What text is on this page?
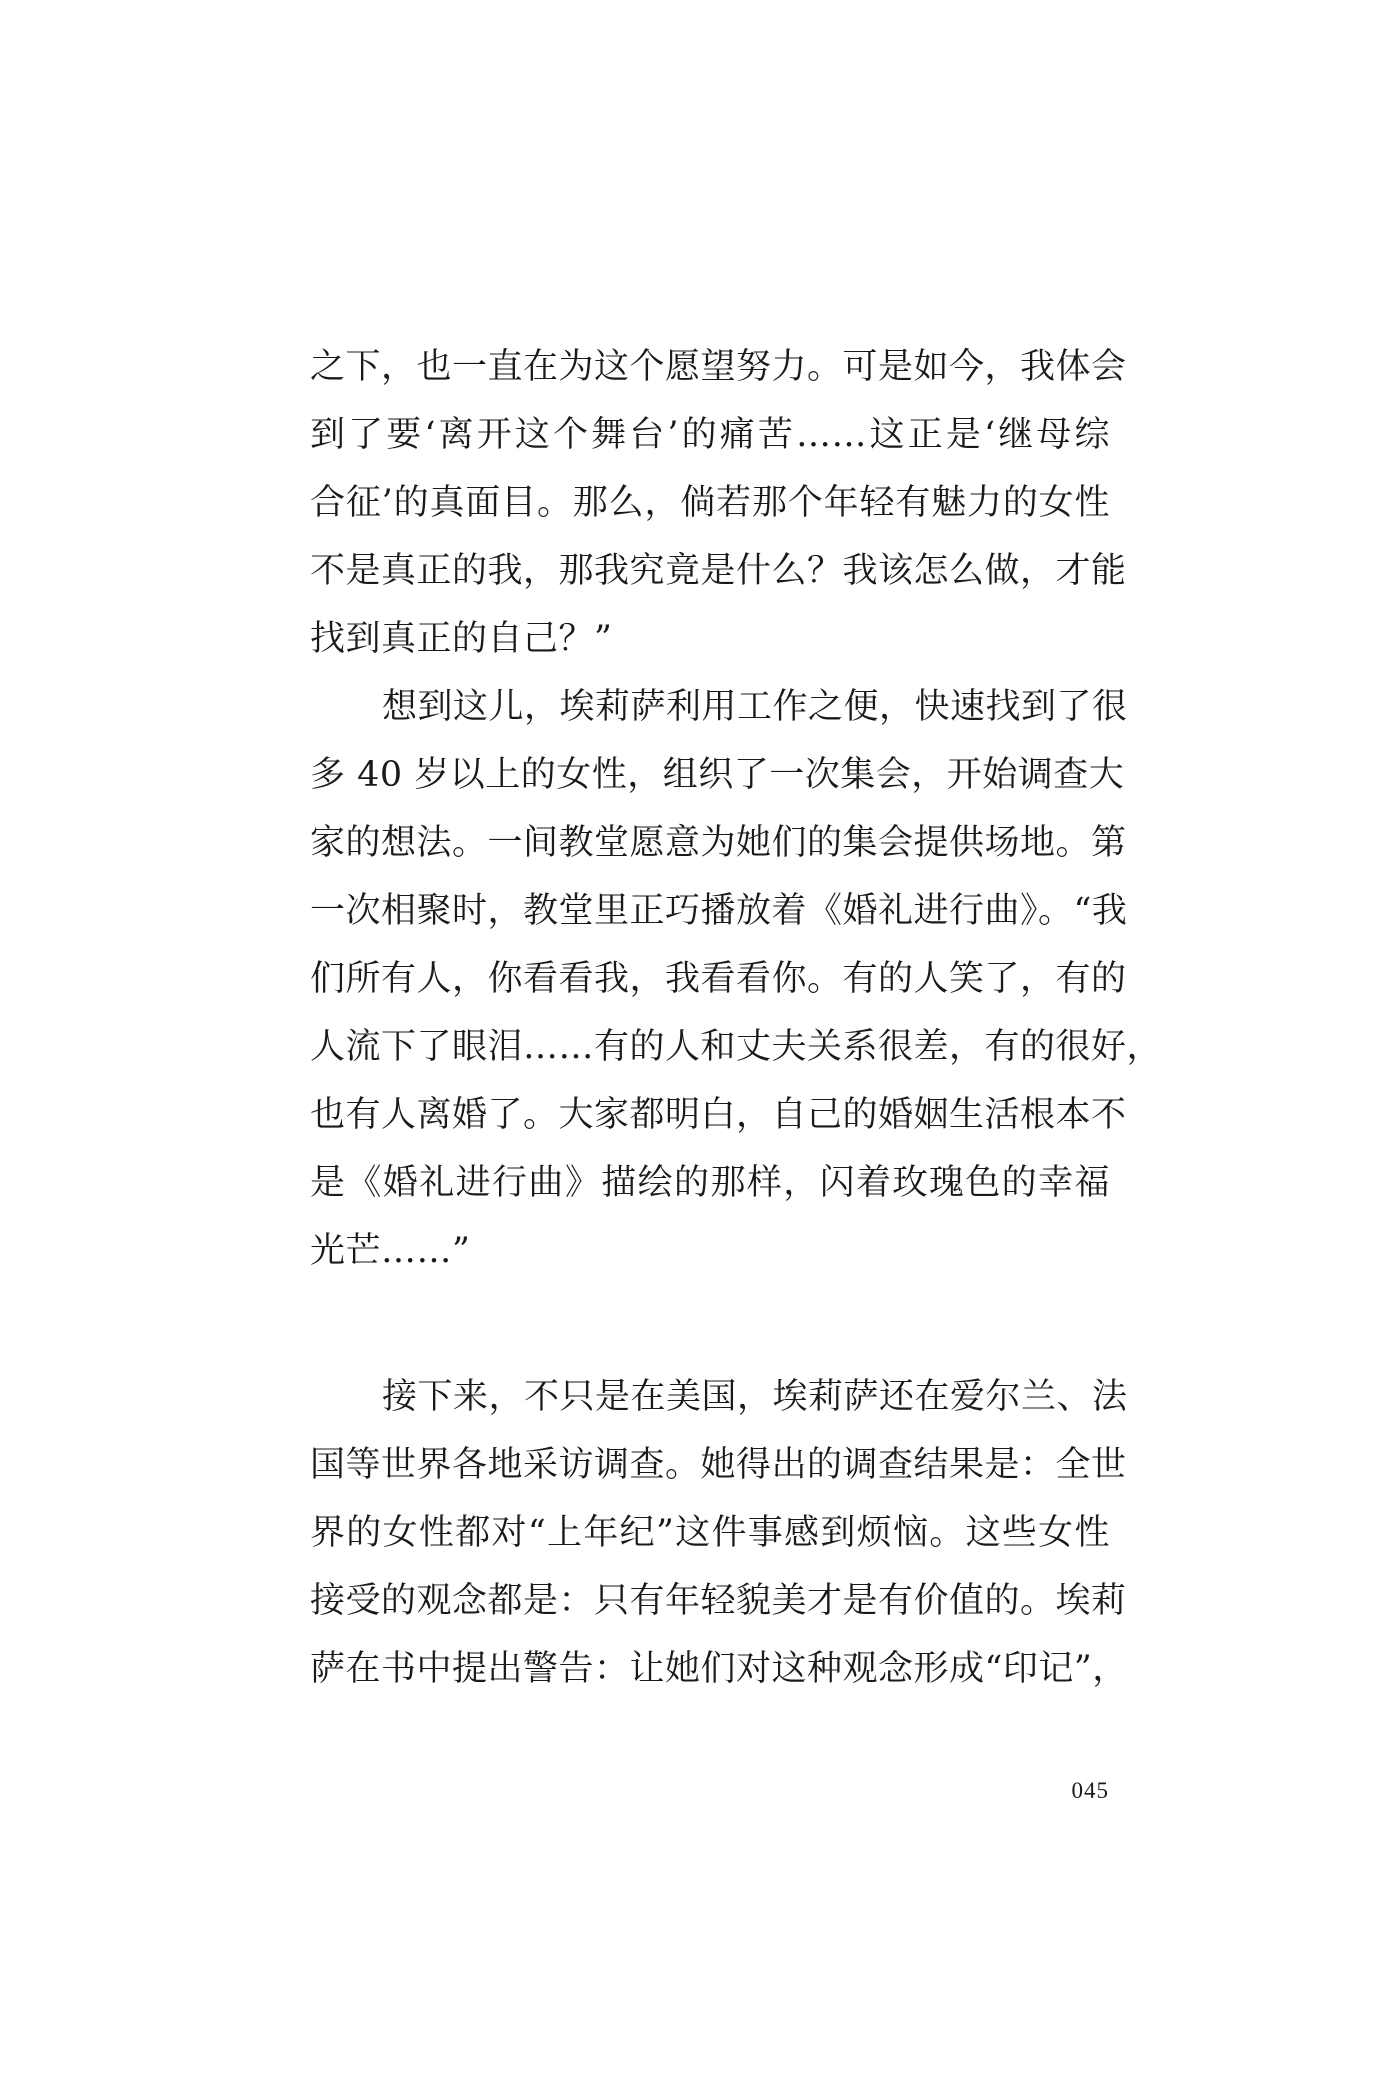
之下，也一直在为这个愿望努力。可是如今，我体会
到了要‘离开这个舞台’的痛苦……这正是‘继母综
合征’的真面目。那么，倘若那个年轻有魅力的女性
不是真正的我，那我究竟是什么？我该怎么做，才能
找到真正的自己？”
想到这儿，埃莉萨利用工作之便，快速找到了很
多 40 岁以上的女性，组织了一次集会，开始调查大
家的想法。一间教堂愿意为她们的集会提供场地。第
一次相聚时，教堂里正巧播放着《婚礼进行曲》。“我
们所有人，你看看我，我看看你。有的人笑了，有的
人流下了眼泪……有的人和丈夫关系很差，有的很好，
也有人离婚了。大家都明白，自己的婚姻生活根本不
是《婚礼进行曲》描绘的那样，闪着玫瑰色的幸福
光芒……”
接下来，不只是在美国，埃莉萨还在爱尔兰、法
国等世界各地采访调查。她得出的调查结果是：全世
界的女性都对“上年纪”这件事感到烦恼。这些女性
接受的观念都是：只有年轻貌美才是有价值的。埃莉
萨在书中提出警告：让她们对这种观念形成“印记”，
045
